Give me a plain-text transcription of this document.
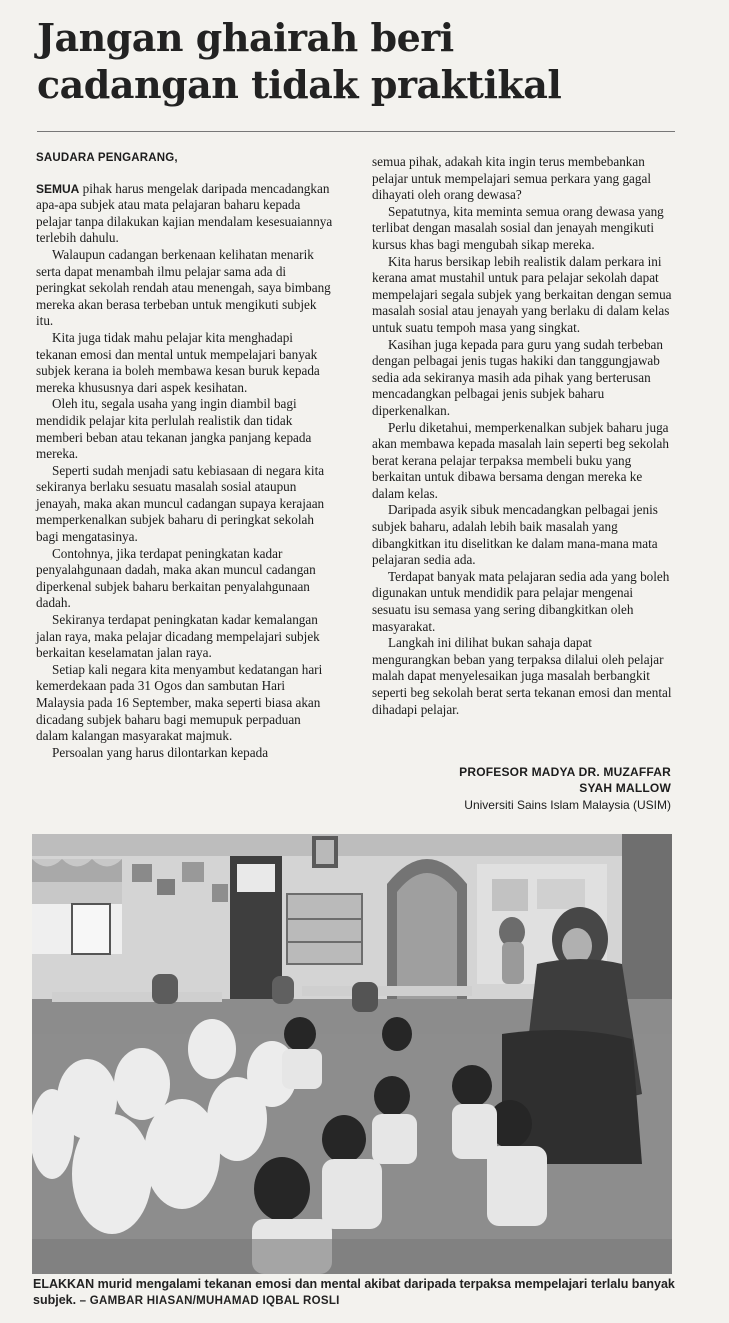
Jangan ghairah beri
cadangan tidak praktikal
SAUDARA PENGARANG,

SEMUA pihak harus mengelak daripada mencadangkan apa-apa subjek atau mata pelajaran baharu kepada pelajar tanpa dilakukan kajian mendalam kesesuaiannya terlebih dahulu.

Walaupun cadangan berkenaan kelihatan menarik serta dapat menambah ilmu pelajar sama ada di peringkat sekolah rendah atau menengah, saya bimbang mereka akan berasa terbeban untuk mengikuti subjek itu.

Kita juga tidak mahu pelajar kita menghadapi tekanan emosi dan mental untuk mempelajari banyak subjek kerana ia boleh membawa kesan buruk kepada mereka khususnya dari aspek kesihatan.

Oleh itu, segala usaha yang ingin diambil bagi mendidik pelajar kita perlulah realistik dan tidak memberi beban atau tekanan jangka panjang kepada mereka.

Seperti sudah menjadi satu kebiasaan di negara kita sekiranya berlaku sesuatu masalah sosial ataupun jenayah, maka akan muncul cadangan supaya kerajaan memperkenalkan subjek baharu di peringkat sekolah bagi mengatasinya.

Contohnya, jika terdapat peningkatan kadar penyalahgunaan dadah, maka akan muncul cadangan diperkenal subjek baharu berkaitan penyalahgunaan dadah.

Sekiranya terdapat peningkatan kadar kemalangan jalan raya, maka pelajar dicadang mempelajari subjek berkaitan keselamatan jalan raya.

Setiap kali negara kita menyambut kedatangan hari kemerdekaan pada 31 Ogos dan sambutan Hari Malaysia pada 16 September, maka seperti biasa akan dicadang subjek baharu bagi memupuk perpaduan dalam kalangan masyarakat majmuk.

Persoalan yang harus dilontarkan kepada

semua pihak, adakah kita ingin terus membebankan pelajar untuk mempelajari semua perkara yang gagal dihayati oleh orang dewasa?

Sepatutnya, kita meminta semua orang dewasa yang terlibat dengan masalah sosial dan jenayah mengikuti kursus khas bagi mengubah sikap mereka.

Kita harus bersikap lebih realistik dalam perkara ini kerana amat mustahil untuk para pelajar sekolah dapat mempelajari segala subjek yang berkaitan dengan semua masalah sosial atau jenayah yang berlaku di dalam kelas untuk suatu tempoh masa yang singkat.

Kasihan juga kepada para guru yang sudah terbeban dengan pelbagai jenis tugas hakiki dan tanggungjawab sedia ada sekiranya masih ada pihak yang berterusan mencadangkan pelbagai jenis subjek baharu diperkenalkan.

Perlu diketahui, memperkenalkan subjek baharu juga akan membawa kepada masalah lain seperti beg sekolah berat kerana pelajar terpaksa membeli buku yang berkaitan untuk dibawa bersama dengan mereka ke dalam kelas.

Daripada asyik sibuk mencadangkan pelbagai jenis subjek baharu, adalah lebih baik masalah yang dibangkitkan itu diselitkan ke dalam mana-mana mata pelajaran sedia ada.

Terdapat banyak mata pelajaran sedia ada yang boleh digunakan untuk mendidik para pelajar mengenai sesuatu isu semasa yang sering dibangkitkan oleh masyarakat.

Langkah ini dilihat bukan sahaja dapat mengurangkan beban yang terpaksa dilalui oleh pelajar malah dapat menyelesaikan juga masalah berbangkit seperti beg sekolah berat serta tekanan emosi dan mental dihadapi pelajar.

PROFESOR MADYA DR. MUZAFFAR
SYAH MALLOW
Universiti Sains Islam Malaysia (USIM)
ELAKKAN murid mengalami tekanan emosi dan mental akibat daripada terpaksa mempelajari terlalu banyak subjek. – GAMBAR HIASAN/MUHAMAD IQBAL ROSLI
